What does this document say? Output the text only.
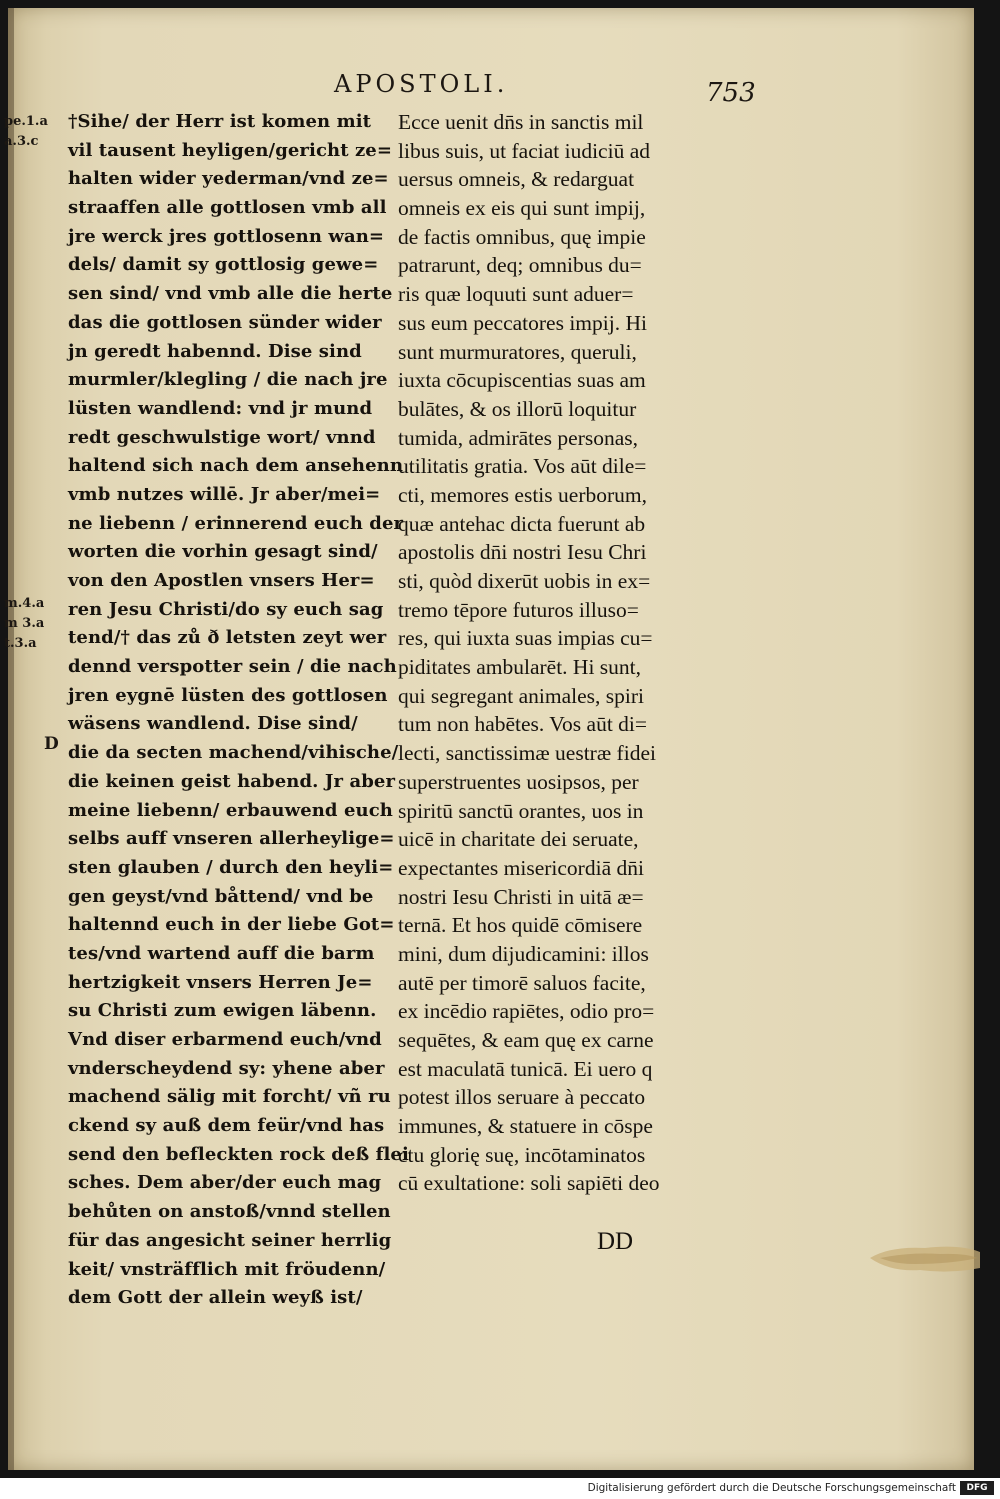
APOSTOLI.	753
pe.1.a
a.3.c
m.4.a
m 3.a
t.3.a
D
†Sihe/ der Herr ist komen mit
vil tausent heyligen/gericht ze=
halten wider yederman/vnd ze=
straaffen alle gottlosen vmb all
jre werck jres gottlosenn wan=
dels/ damit sy gottlosig gewe=
sen sind/ vnd vmb alle die herte
das die gottlosen sünder wider
jn geredt habennd. Dise sind
murmler/klegling / die nach jre
lüsten wandlend: vnd jr mund
redt geschwulstige wort/ vnnd
haltend sich nach dem ansehenn
vmb nutzes willē. Jr aber/mei=
ne liebenn / erinnerend euch der
worten die vorhin gesagt sind/
von den Apostlen vnsers Her=
ren Jesu Christi/do sy euch sag
tend/† das zů ð letsten zeyt wer
dennd verspotter sein / die nach
jren eygnē lüsten des gottlosen
wäsens wandlend. Dise sind/
die da secten machend/vihische/
die keinen geist habend. Jr aber
meine liebenn/ erbauwend euch
selbs auff vnseren allerheylige=
sten glauben / durch den heyli=
gen geyst/vnd båttend/ vnd be
haltennd euch in der liebe Got=
tes/vnd wartend auff die barm
hertzigkeit vnsers Herren Je=
su Christi zum ewigen läbenn.
Vnd diser erbarmend euch/vnd
vnderscheydend sy: yhene aber
machend sälig mit forcht/ vñ ru
ckend sy auß dem feür/vnd has
send den befleckten rock deß flei
sches. Dem aber/der euch mag
behůten on anstoß/vnnd stellen
für das angesicht seiner herrlig
keit/ vnsträfflich mit fröudenn/
dem Gott der allein weyß ist/
Ecce uenit dn̄s in sanctis mil
libus suis, ut faciat iudiciū ad
uersus omneis, & redarguat
omneis ex eis qui sunt impij,
de factis omnibus, quę impie
patrarunt, deq; omnibus du=
ris quæ loquuti sunt aduer=
sus eum peccatores impij. Hi
sunt murmuratores, queruli,
iuxta cōcupiscentias suas am
bulātes, & os illorū loquitur
tumida, admirātes personas,
utilitatis gratia. Vos aūt dile=
cti, memores estis uerborum,
quæ antehac dicta fuerunt ab
apostolis dn̄i nostri Iesu Chri
sti, quòd dixerūt uobis in ex=
tremo tēpore futuros illuso=
res, qui iuxta suas impias cu=
piditates ambularēt. Hi sunt,
qui segregant animales, spiri
tum non habētes. Vos aūt di=
lecti, sanctissimæ uestræ fidei
superstruentes uosipsos, per
spiritū sanctū orantes, uos in
uicē in charitate dei seruate,
expectantes misericordiā dn̄i
nostri Iesu Christi in uitā æ=
ternā. Et hos quidē cōmisere
mini, dum dijudicamini: illos
autē per timorē saluos facite,
ex incēdio rapiētes, odio pro=
sequētes, & eam quę ex carne
est maculatā tunicā. Ei uero q
potest illos seruare à peccato
immunes, & statuere in cōspe
ctu glorię suę, incōtaminatos
cū exultatione: soli sapiēti deo
DD
Digitalisierung gefördert durch die Deutsche Forschungsgemeinschaft	DFG
